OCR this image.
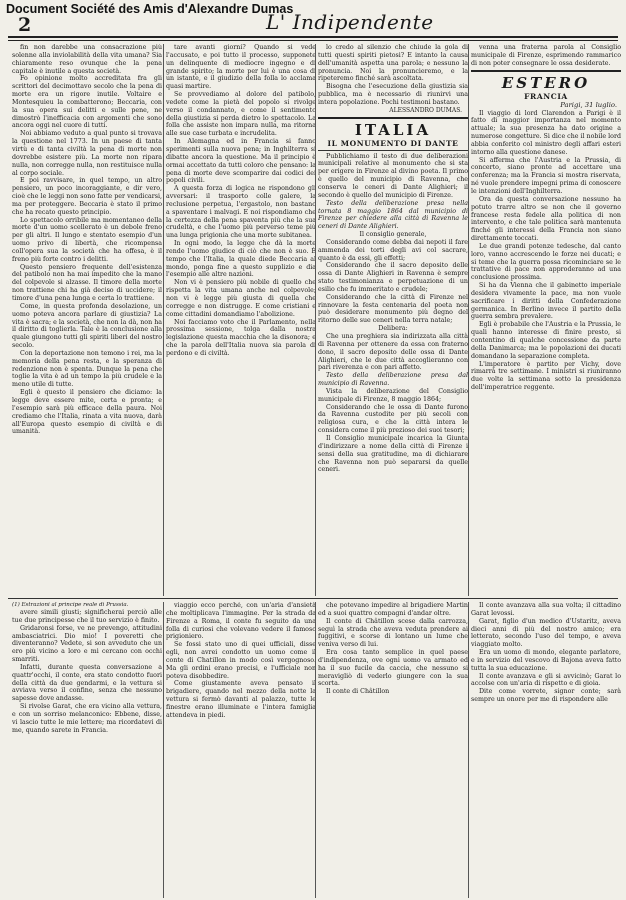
Document Société des Amis d'Alexandre Dumas
2	L' Indipendente

fin non darebbe una consacrazione più solenne alla inviolabilità della vita umana? Sia chiaramente reso ovunque che la pena capitale è inutile a questa società.

Fo opinione molto accreditata fra gli scrittori del decimottavo secolo che la pena di morte era un rigore inutile. Voltaire e Montesquieu la combatterono; Beccaria, con la sua opera sui delitti e sulle pene, ne dimostrò l'inefficacia con argomenti che sono ancora oggi nel cuore di tutti.

Noi abbiamo veduto a qual punto si trovava la questione nel 1773. In un paese di tanta virtù e di tanta civiltà la pena di morte non dovrebbe esistere più. La morte non ripara nulla, non corregge nulla, non restituisce nulla al corpo sociale.

E poi ravvisare, in quel tempo, un altro pensiero, un poco incoraggiante, e dir vero, cioè che le leggi non sono fatte per vendicarsi, ma per proteggere. Beccaria è stato il primo che ha recato questo principio.

Lo spettacolo orribile ma momentaneo della morte d'un uomo scellerato è un debole freno per gli altri. Il lungo e stentato esempio d'un uomo privo di libertà, che ricompensa coll'opera sua la società che ha offesa, è il freno più forte contro i delitti.

Questo pensiero frequente dell'esistenza del patibolo non ha mai impedito che la mano del colpevole si alzasse. Il timore della morte non trattiene chi ha già deciso di uccidere; il timore d'una pena lunga e certa lo trattiene.

Come, in questa profonda desolazione, un uomo poteva ancora parlare di giustizia? La vita è sacra; e la società, che non la dà, non ha il diritto di toglierla. Tale è la conclusione alla quale giungono tutti gli spiriti liberi del nostro secolo.

Con la deportazione non temono i rei, ma la memoria della pena resta, e la speranza di redenzione non è spenta. Dunque la pena che toglie la vita è ad un tempo la più crudele e la meno utile di tutte.

Egli è questo il pensiero che diciamo: la legge deve essere mite, certa e pronta; e l'esempio sarà più efficace della paura. Noi crediamo che l'Italia, rinata a vita nuova, darà all'Europa questo esempio di civiltà e di umanità.

tare avanti giorni? Quando si vede l'accusato, e poi tutto il processo, supponete un delinquente di mediocre ingegno e di grande spirito; la morte per lui è una cosa di un istante, e il giudizio della folla lo acclama quasi martire.

Se provvediamo al dolore del patibolo, vedete come la pietà del popolo si rivolge verso il condannato, e come il sentimento della giustizia si perda dietro lo spettacolo. La folla che assiste non impara nulla, ma ritorna alle sue case turbata e incrudelita.

In Alemagna ed in Francia si fanno sperimenti sulla nuova pena; in Inghilterra si dibatte ancora la questione. Ma il principio è ormai accettato da tutti coloro che pensano: la pena di morte deve scomparire dai codici dei popoli civili.

A questa forza di logica ne rispondono gli avversari: il trasporto colle galere, la reclusione perpetua, l'ergastolo, non bastano a spaventare i malvagi. E noi rispondiamo che la certezza della pena spaventa più che la sua crudeltà, e che l'uomo più perverso teme più una lunga prigionia che una morte subitanea.

In ogni modo, la legge che dà la morte rende l'uomo giudice di ciò che non è suo. È tempo che l'Italia, la quale diede Beccaria al mondo, ponga fine a questo supplizio e dia l'esempio alle altre nazioni.

Non vi è pensiero più nobile di quello che rispetta la vita umana anche nel colpevole; non vi è legge più giusta di quella che corregge e non distrugge. E come cristiani e come cittadini domandiamo l'abolizione.

Noi facciamo voto che il Parlamento, nella prossima sessione, tolga dalla nostra legislazione questa macchia che la disonora; e che la parola dell'Italia nuova sia parola di perdono e di civiltà.

lo credo al silenzio che chiude la gola di tutti questi spiriti pietosi? E intanto la causa dell'umanità aspetta una parola; e nessuno la pronuncia. Noi la pronuncieremo, e la ripeteremo finché sarà ascoltata.

Bisogna che l'esecuzione della giustizia sia pubblica, ma è necessario di riunirvi una intera popolazione. Pochi testimoni bastano.

ALESSANDRO DUMAS.

ITALIA
IL MONUMENTO DI DANTE

Pubblichiamo il testo di due deliberazioni municipali relative al monumento che si sta per erigere in Firenze al divino poeta. Il primo è quello del municipio di Ravenna, che conserva le ceneri di Dante Alighieri; il secondo è quello del municipio di Firenze.

Testo della deliberazione presa nella tornata 8 maggio 1864 dal municipio di Firenze per chiedere alla città di Ravenna le ceneri di Dante Alighieri.

Il consiglio generale,

Considerando come debba dai nepoti il fare ammenda dei torti degli avi col sacrare, quanto è da essi, gli effetti;

Considerando che il sacro deposito delle ossa di Dante Alighieri in Ravenna è sempre stato testimonianza e perpetuazione di un esilio che fu immeritato e crudele;

Considerando che la città di Firenze nel rinnovare la festa centenaria del poeta non può desiderare monumento più degno del ritorno delle sue ceneri nella terra natale;

Delibera:

Che una preghiera sia indirizzata alla città di Ravenna per ottenere da essa con fraterno dono, il sacro deposito delle ossa di Dante Alighieri, che le due città accoglieranno con pari riverenza e con pari affetto.

Testo della deliberazione presa dal municipio di Ravenna.

Vista la deliberazione del Consiglio municipale di Firenze, 8 maggio 1864;

Considerando che le ossa di Dante furono da Ravenna custodite per più secoli con religiosa cura, e che la città intera le considera come il più prezioso dei suoi tesori;

Il Consiglio municipale incarica la Giunta d'indirizzare a nome della città di Firenze i sensi della sua gratitudine, ma di dichiarare che Ravenna non può separarsi da quelle ceneri.

venna una fraterna parola al Consiglio municipale di Firenze, esprimendo rammarico di non poter consegnare le ossa desiderate.

ESTERO
FRANCIA
Parigi, 31 luglio.

Il viaggio di lord Clarendon a Parigi è il fatto di maggior importanza nel momento attuale; la sua presenza ha dato origine a numerose congetture. Si dice che il nobile lord abbia conferito col ministro degli affari esteri intorno alla questione danese.

Si afferma che l'Austria e la Prussia, di concerto, siano pronte ad accettare una conferenza; ma la Francia si mostra riservata, né vuole prendere impegni prima di conoscere le intenzioni dell'Inghilterra.

Ora da questa conversazione nessuno ha potuto trarre altro se non che il governo francese resta fedele alla politica di non intervento, e che tale politica sarà mantenuta finché gli interessi della Francia non siano direttamente toccati.

Le due grandi potenze tedesche, dal canto loro, vanno accrescendo le forze nei ducati; e si teme che la guerra possa ricominciare se le trattative di pace non approderanno ad una conclusione prossima.

Si ha da Vienna che il gabinetto imperiale desidera vivamente la pace, ma non vuole sacrificare i diritti della Confederazione germanica. In Berlino invece il partito della guerra sembra prevalere.

Egli è probabile che l'Austria e la Prussia, le quali hanno interesse di finire presto, si contentino di qualche concessione da parte della Danimarca; ma le popolazioni dei ducati domandano la separazione completa.

L'imperatore è partito per Vichy, dove rimarrà tre settimane. I ministri si riuniranno due volte la settimana sotto la presidenza dell'imperatrice reggente.

(1) Estrazioni al principe reale di Prussia.

avere simili giusti; significherai perciò alle tue due principesse che il tuo servizio è finito.

Gridaronsi forse, ve ne prevengo, attitudini ambasciatrici. Dio mio! I poveretti che diventeranno? Vedete, si son avveduto che un ero più vicino a loro e mi cercano con occhi smarriti.

Infatti, durante questa conversazione a quattr'occhi, il conte, era stato condotto fuori della città da due gendarmi, e la vettura si avviava verso il confine, senza che nessuno sapesse dove andasse.

Si rivolse Garat, che era vicino alla vettura, e con un sorriso melanconico: Ebbene, disse, vi lascio tutte le mie lettere; ma ricordatevi di me, quando sarete in Francia.

viaggio ecco perché, con un'aria d'ansietà che moltiplicava l'immagine. Per la strada da Firenze a Roma, il conte fu seguito da una folla di curiosi che volevano vedere il famoso prigioniero.

Se fossi stato uno di quei ufficiali, disse egli, non avrei condotto un uomo come il conte di Chatillon in modo così vergognoso. Ma gli ordini erano precisi, e l'ufficiale non poteva disobbedire.

Come giustamente aveva pensato il brigadiere, quando nel mezzo della notte la vettura si fermò davanti al palazzo, tutte le finestre erano illuminate e l'intera famiglia attendeva in piedi.

che potevano impedire al brigadiere Martin ed a suoi quattro compagni d'andar oltre.

Il conte di Châtillon scese dalla carrozza, seguì la strada che aveva veduta prendere ai fuggitivi, e scorse di lontano un lume che veniva verso di lui.

Era cosa tanto semplice in quel paese d'indipendenza, ove ogni uomo va armato ed ha il suo fucile da caccia, che nessuno si meravigliò di vederlo giungere con la sua scorta.

Il conte di Châtillon

Il conte avanzava alla sua volta; il cittadino Garat levossi.

Garat, figlio d'un medico d'Ustaritz, aveva dieci anni di più del nostro amico; era letterato, secondo l'uso del tempo, e aveva viaggiato molto.

Era un uomo di mondo, elegante parlatore, e in servizio del vescovo di Bajona aveva fatto tutta la sua educazione.

Il conte avanzava e gli si avvicinò; Garat lo accolse con un'aria di rispetto e di gioia.

Dite come vorrete, signor conte; sarà sempre un onore per me di rispondere alle
